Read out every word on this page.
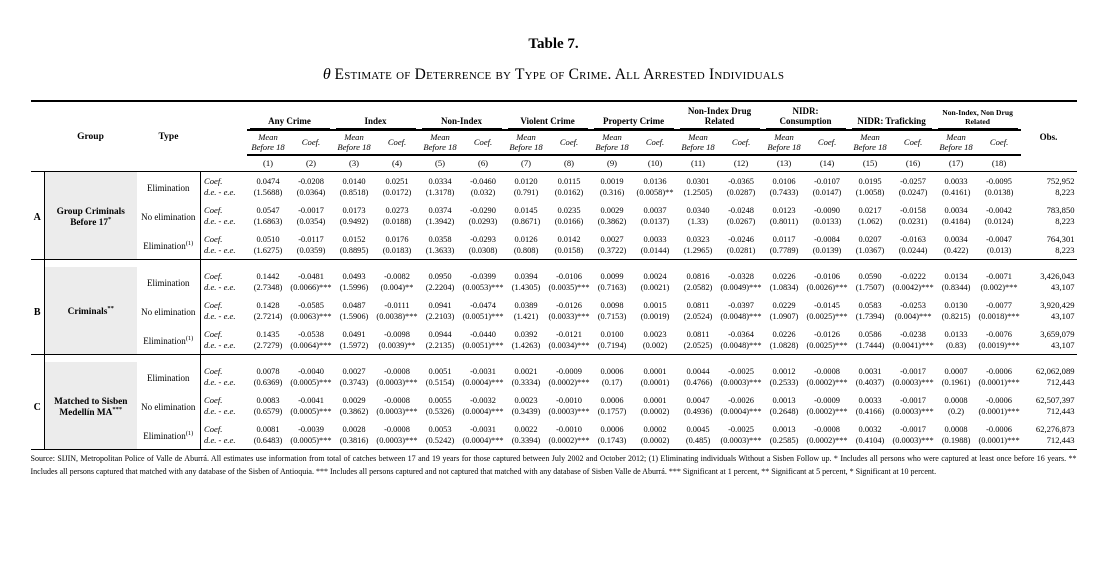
Table 7.
θ Estimate of Deterrence by Type of Crime. All Arrested Individuals
	Group	Type		Any Crime		Index		Non-Index		Violent Crime		Property Crime		Non-Index Drug Related		NIDR: Consumption		NIDR: Traficking		Non-Index, Non Drug Related		Obs.
				Mean Before 18	Coef.	Mean Before 18	Coef.	Mean Before 18	Coef.	Mean Before 18	Coef.	Mean Before 18	Coef.	Mean Before 18	Coef.	Mean Before 18	Coef.	Mean Before 18	Coef.	Mean Before 18	Coef.	
				(1)	(2)	(3)	(4)	(5)	(6)	(7)	(8)	(9)	(10)	(11)	(12)	(13)	(14)	(15)	(16)	(17)	(18)	
A	Group Criminals Before 17*	Elimination	Coef.	0.0474	-0.0208	0.0140	0.0251	0.0334	-0.0460	0.0120	0.0115	0.0019	0.0136	0.0301	-0.0365	0.0106	-0.0107	0.0195	-0.0257	0.0033	-0.0095	752,952
			d.e. - e.e.	(1.5688)	(0.0364)	(0.8518)	(0.0172)	(1.3178)	(0.032)	(0.791)	(0.0162)	(0.316)	(0.0058)**	(1.2505)	(0.0287)	(0.7433)	(0.0147)	(1.0058)	(0.0247)	(0.4161)	(0.0138)	8,223
		No elimination	Coef.	0.0547	-0.0017	0.0173	0.0273	0.0374	-0.0290	0.0145	0.0235	0.0029	0.0037	0.0340	-0.0248	0.0123	-0.0090	0.0217	-0.0158	0.0034	-0.0042	783,850
			d.e. - e.e.	(1.6863)	(0.0354)	(0.9492)	(0.0188)	(1.3942)	(0.0293)	(0.8671)	(0.0166)	(0.3862)	(0.0137)	(1.33)	(0.0267)	(0.8011)	(0.0133)	(1.062)	(0.0231)	(0.4184)	(0.0124)	8,223
		Elimination$^{(1)}$	Coef.	0.0510	-0.0117	0.0152	0.0176	0.0358	-0.0293	0.0126	0.0142	0.0027	0.0033	0.0323	-0.0246	0.0117	-0.0084	0.0207	-0.0163	0.0034	-0.0047	764,301
			d.e. - e.e.	(1.6275)	(0.0359)	(0.8895)	(0.0183)	(1.3633)	(0.0308)	(0.808)	(0.0158)	(0.3722)	(0.0144)	(1.2965)	(0.0281)	(0.7789)	(0.0139)	(1.0367)	(0.0244)	(0.422)	(0.013)	8,223

B	Criminals**	Elimination	Coef.	0.1442	-0.0481	0.0493	-0.0082	0.0950	-0.0399	0.0394	-0.0106	0.0099	0.0024	0.0816	-0.0328	0.0226	-0.0106	0.0590	-0.0222	0.0134	-0.0071	3,426,043
			d.e. - e.e.	(2.7348)	(0.0066)***	(1.5996)	(0.004)**	(2.2204)	(0.0053)***	(1.4305)	(0.0035)***	(0.7163)	(0.0021)	(2.0582)	(0.0049)***	(1.0834)	(0.0026)***	(1.7507)	(0.0042)***	(0.8344)	(0.002)***	43,107
		No elimination	Coef.	0.1428	-0.0585	0.0487	-0.0111	0.0941	-0.0474	0.0389	-0.0126	0.0098	0.0015	0.0811	-0.0397	0.0229	-0.0145	0.0583	-0.0253	0.0130	-0.0077	3,920,429
			d.e. - e.e.	(2.7214)	(0.0063)***	(1.5906)	(0.0038)***	(2.2103)	(0.0051)***	(1.421)	(0.0033)***	(0.7153)	(0.0019)	(2.0524)	(0.0048)***	(1.0907)	(0.0025)***	(1.7394)	(0.004)***	(0.8215)	(0.0018)***	43,107
		Elimination$^{(1)}$	Coef.	0.1435	-0.0538	0.0491	-0.0098	0.0944	-0.0440	0.0392	-0.0121	0.0100	0.0023	0.0811	-0.0364	0.0226	-0.0126	0.0586	-0.0238	0.0133	-0.0076	3,659,079
			d.e. - e.e.	(2.7279)	(0.0064)***	(1.5972)	(0.0039)**	(2.2135)	(0.0051)***	(1.4263)	(0.0034)***	(0.7194)	(0.002)	(2.0525)	(0.0048)***	(1.0828)	(0.0025)***	(1.7444)	(0.0041)***	(0.83)	(0.0019)***	43,107

C	Matched to Sisben Medellín MA***	Elimination	Coef.	0.0078	-0.0040	0.0027	-0.0008	0.0051	-0.0031	0.0021	-0.0009	0.0006	0.0001	0.0044	-0.0025	0.0012	-0.0008	0.0031	-0.0017	0.0007	-0.0006	62,062,089
			d.e. - e.e.	(0.6369)	(0.0005)***	(0.3743)	(0.0003)***	(0.5154)	(0.0004)***	(0.3334)	(0.0002)***	(0.17)	(0.0001)	(0.4766)	(0.0003)***	(0.2533)	(0.0002)***	(0.4037)	(0.0003)***	(0.1961)	(0.0001)***	712,443
		No elimination	Coef.	0.0083	-0.0041	0.0029	-0.0008	0.0055	-0.0032	0.0023	-0.0010	0.0006	0.0001	0.0047	-0.0026	0.0013	-0.0009	0.0033	-0.0017	0.0008	-0.0006	62,507,397
			d.e. - e.e.	(0.6579)	(0.0005)***	(0.3862)	(0.0003)***	(0.5326)	(0.0004)***	(0.3439)	(0.0003)***	(0.1757)	(0.0002)	(0.4936)	(0.0004)***	(0.2648)	(0.0002)***	(0.4166)	(0.0003)***	(0.2)	(0.0001)***	712,443
		Elimination$^{(1)}$	Coef.	0.0081	-0.0039	0.0028	-0.0008	0.0053	-0.0031	0.0022	-0.0010	0.0006	0.0002	0.0045	-0.0025	0.0013	-0.0008	0.0032	-0.0017	0.0008	-0.0006	62,276,873
			d.e. - e.e.	(0.6483)	(0.0005)***	(0.3816)	(0.0003)***	(0.5242)	(0.0004)***	(0.3394)	(0.0002)***	(0.1743)	(0.0002)	(0.485)	(0.0003)***	(0.2585)	(0.0002)***	(0.4104)	(0.0003)***	(0.1988)	(0.0001)***	712,443
Source: SIJIN, Metropolitan Police of Valle de Aburrá. All estimates use information from total of catches between 17 and 19 years for those captured between July 2002 and October 2012; (1) Eliminating individuals Without a Sisben Follow up. * Includes all persons who were captured at least once before 16 years. ** Includes all persons captured that matched with any database of the Sisben of Antioquia. *** Includes all persons captured and not captured that matched with any database of Sisben Valle de Aburrá. *** Significant at 1 percent, ** Significant at 5 percent, * Significant at 10 percent.
